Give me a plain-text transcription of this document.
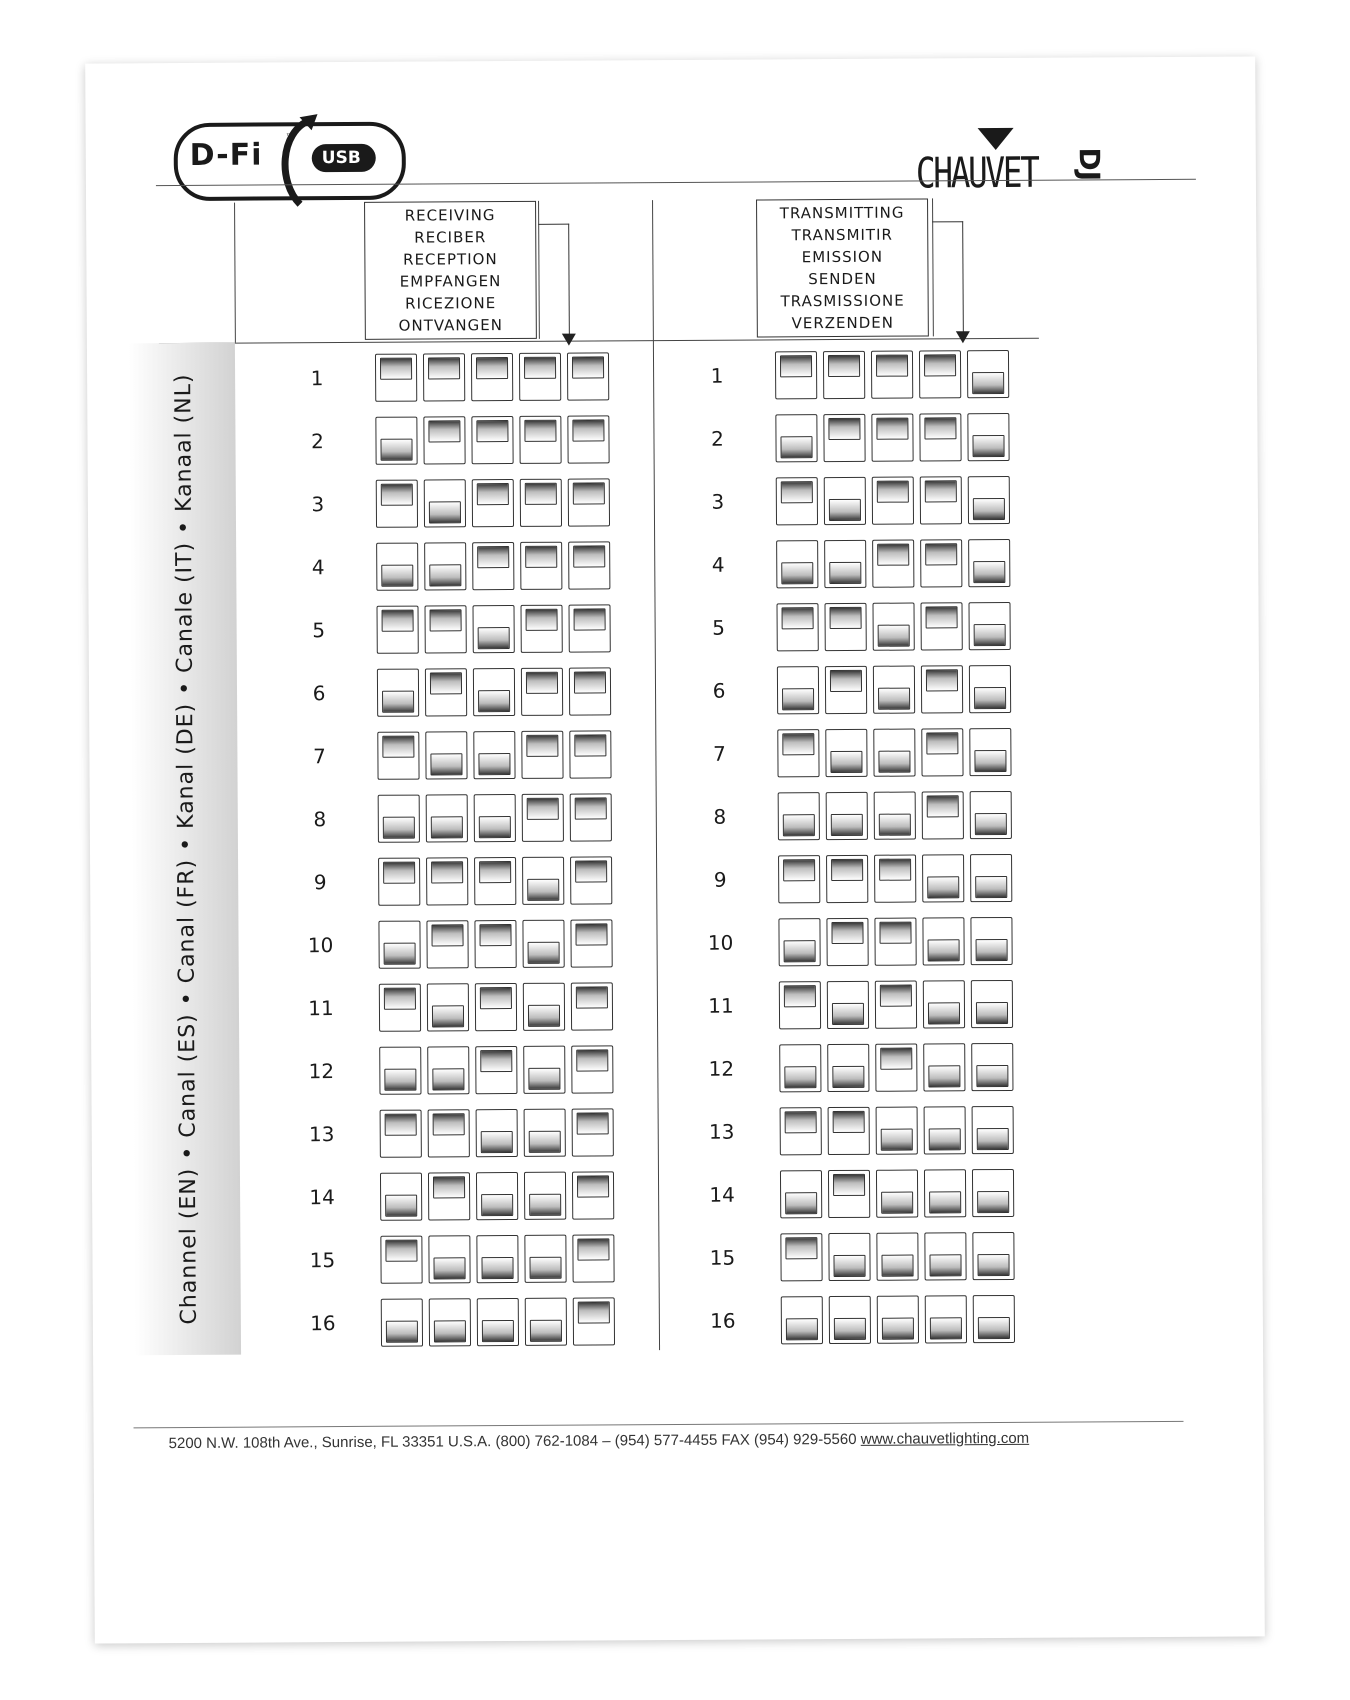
D-Fi
™
USB	CHAUVET DJ
RECEIVING
RECIBER
RECEPTION
EMPFANGEN
RICEZIONE
ONTVANGEN
TRANSMITTING
TRANSMITIR
EMISSION
SENDEN
TRASMISSIONE
VERZENDEN
Channel (EN) • Canal (ES) • Canal (FR) • Kanal (DE) • Canale (IT) • Kanaal (NL)
5200 N.W. 108th Ave., Sunrise, FL 33351 U.S.A. (800) 762-1084 – (954) 577-4455 FAX (954) 929-5560 www.chauvetlighting.com
1
2
3
4
5
6
7
8
9
10
11
12
13
14
15
16
1
2
3
4
5
6
7
8
9
10
11
12
13
14
15
16
